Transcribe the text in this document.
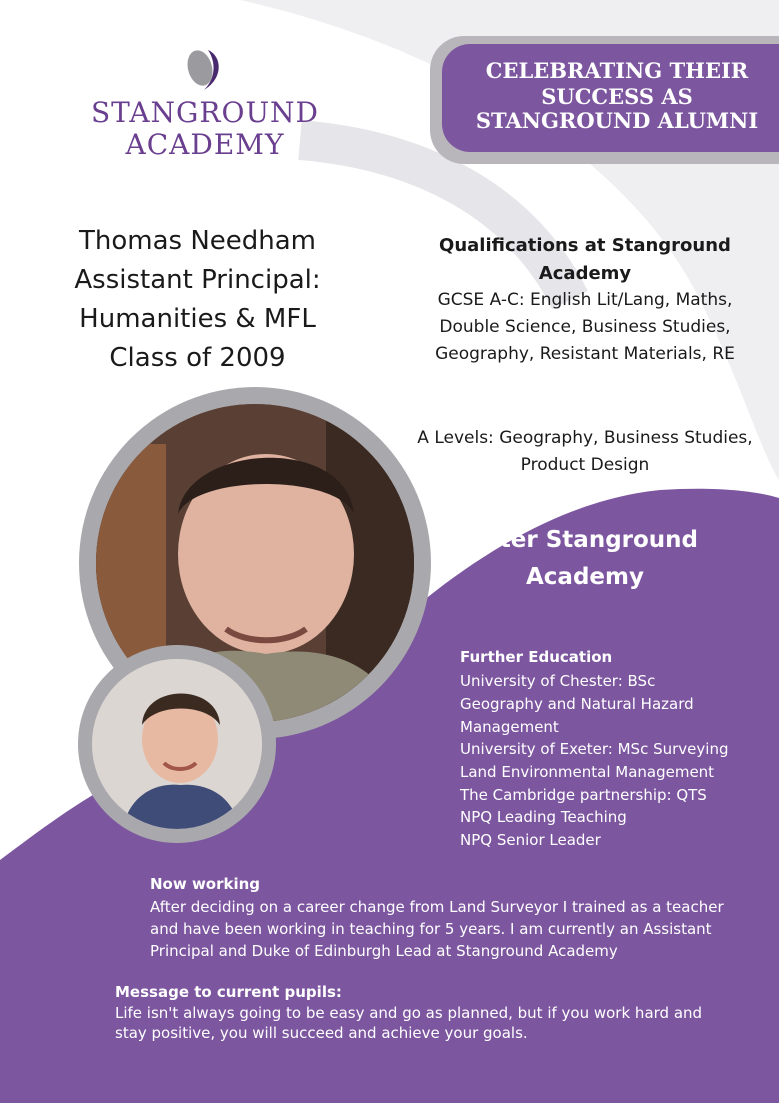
STANGROUND
ACADEMY
CELEBRATING THEIR
SUCCESS AS
STANGROUND ALUMNI
Thomas Needham
Assistant Principal:
Humanities & MFL
Class of 2009
Qualifications at Stanground Academy
GCSE A-C: English Lit/Lang, Maths, Double Science, Business Studies, Geography, Resistant Materials, RE
A Levels: Geography, Business Studies, Product Design
After Stanground Academy
Further Education
University of Chester: BSc
Geography and Natural Hazard
Management
University of Exeter: MSc Surveying
Land Environmental Management
The Cambridge partnership: QTS
NPQ Leading Teaching
NPQ Senior Leader
Now working
After deciding on a career change from Land Surveyor I trained as a teacher and have been working in teaching for 5 years. I am currently an Assistant Principal and Duke of Edinburgh Lead at Stanground Academy
Message to current pupils:
Life isn't always going to be easy and go as planned, but if you work hard and stay positive, you will succeed and achieve your goals.
